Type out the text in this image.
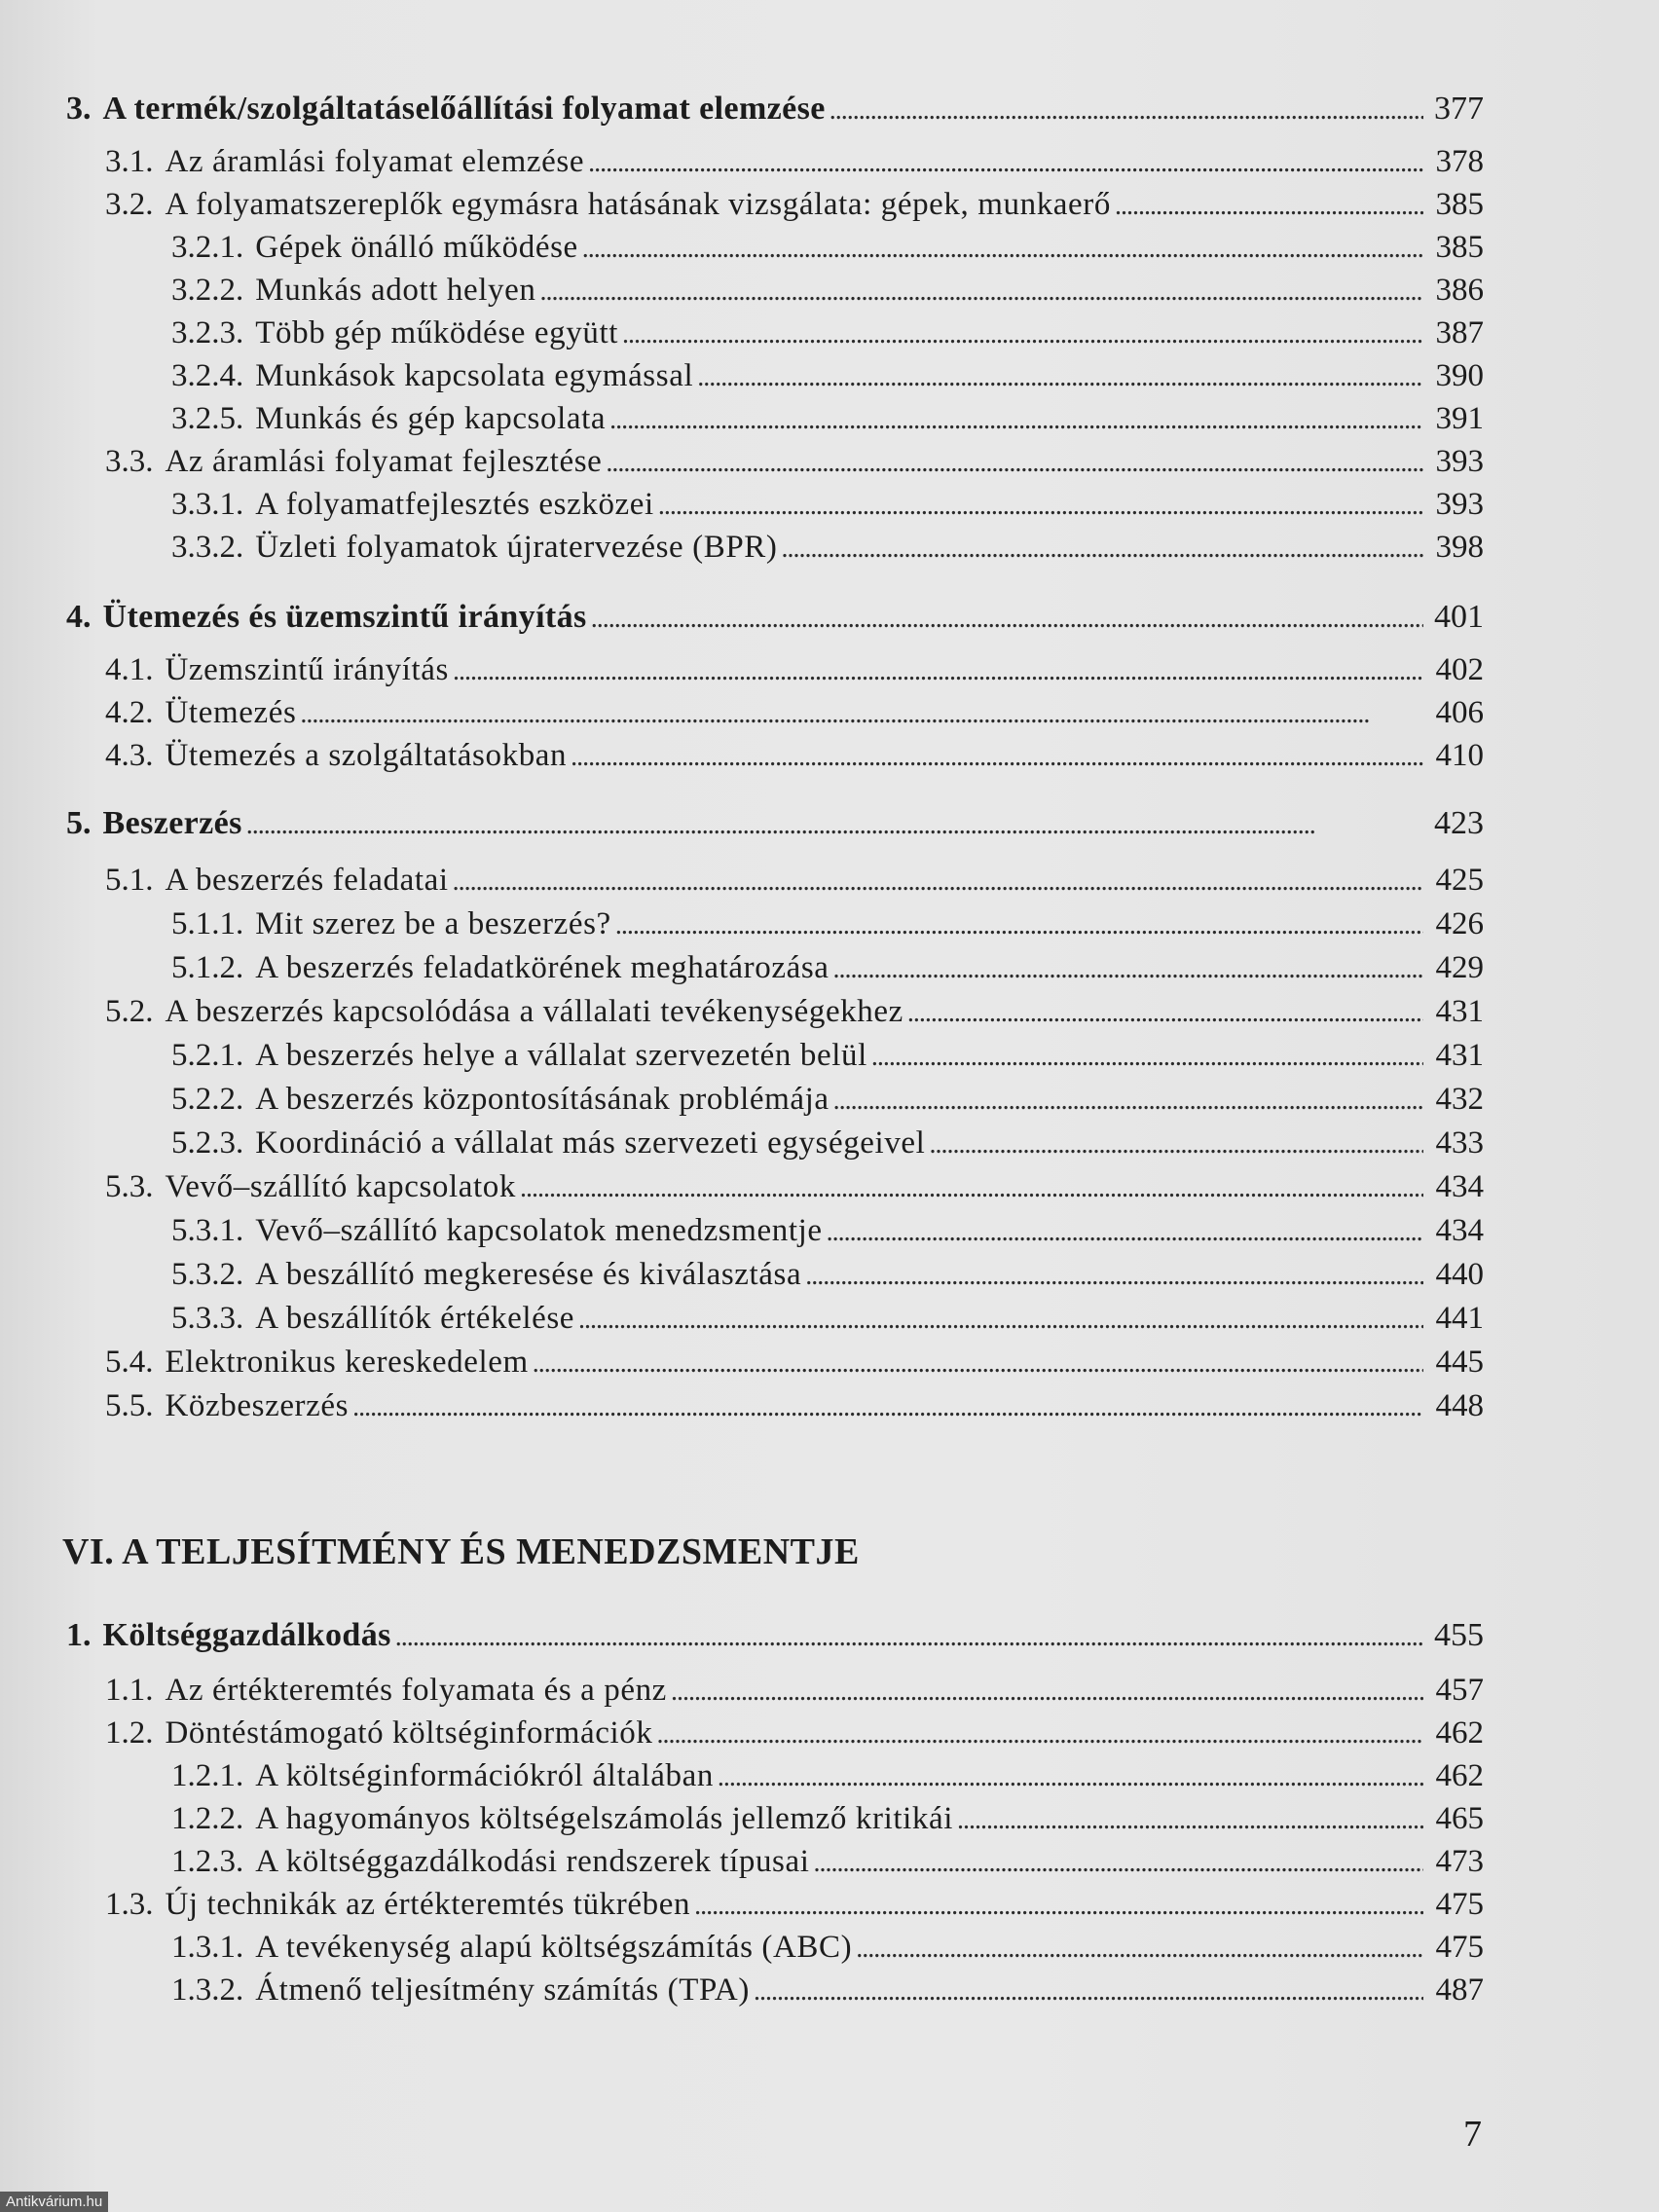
3. A termék/szolgáltatáselőállítási folyamat elemzése . . .	377
3.1. Az áramlási folyamat elemzése . . .	378
3.2. A folyamatszereplők egymásra hatásának vizsgálata: gépek, munkaerő . . .	385
3.2.1. Gépek önálló működése . . .	385
3.2.2. Munkás adott helyen . . .	386
3.2.3. Több gép működése együtt . . .	387
3.2.4. Munkások kapcsolata egymással . . .	390
3.2.5. Munkás és gép kapcsolata . . .	391
3.3. Az áramlási folyamat fejlesztése . . .	393
3.3.1. A folyamatfejlesztés eszközei . . .	393
3.3.2. Üzleti folyamatok újratervezése (BPR) . . .	398
4. Ütemezés és üzemszintű irányítás . . .	401
4.1. Üzemszintű irányítás . . .	402
4.2. Ütemezés . . .	406
4.3. Ütemezés a szolgáltatásokban . . .	410
5. Beszerzés . . .	423
5.1. A beszerzés feladatai . . .	425
5.1.1. Mit szerez be a beszerzés? . . .	426
5.1.2. A beszerzés feladatkörének meghatározása . . .	429
5.2. A beszerzés kapcsolódása a vállalati tevékenységekhez . . .	431
5.2.1. A beszerzés helye a vállalat szervezetén belül . . .	431
5.2.2. A beszerzés központosításának problémája . . .	432
5.2.3. Koordináció a vállalat más szervezeti egységeivel . . .	433
5.3. Vevő–szállító kapcsolatok . . .	434
5.3.1. Vevő–szállító kapcsolatok menedzsmentje . . .	434
5.3.2. A beszállító megkeresése és kiválasztása . . .	440
5.3.3. A beszállítók értékelése . . .	441
5.4. Elektronikus kereskedelem . . .	445
5.5. Közbeszerzés . . .	448
VI. A TELJESÍTMÉNY ÉS MENEDZSMENTJE
1. Költséggazdálkodás . . .	455
1.1. Az értékteremtés folyamata és a pénz . . .	457
1.2. Döntéstámogató költséginformációk . . .	462
1.2.1. A költséginformációkról általában . . .	462
1.2.2. A hagyományos költségelszámolás jellemző kritikái . . .	465
1.2.3. A költséggazdálkodási rendszerek típusai . . .	473
1.3. Új technikák az értékteremtés tükrében . . .	475
1.3.1. A tevékenység alapú költségszámítás (ABC) . . .	475
1.3.2. Átmenő teljesítmény számítás (TPA) . . .	487
7
Antikvárium.hu
